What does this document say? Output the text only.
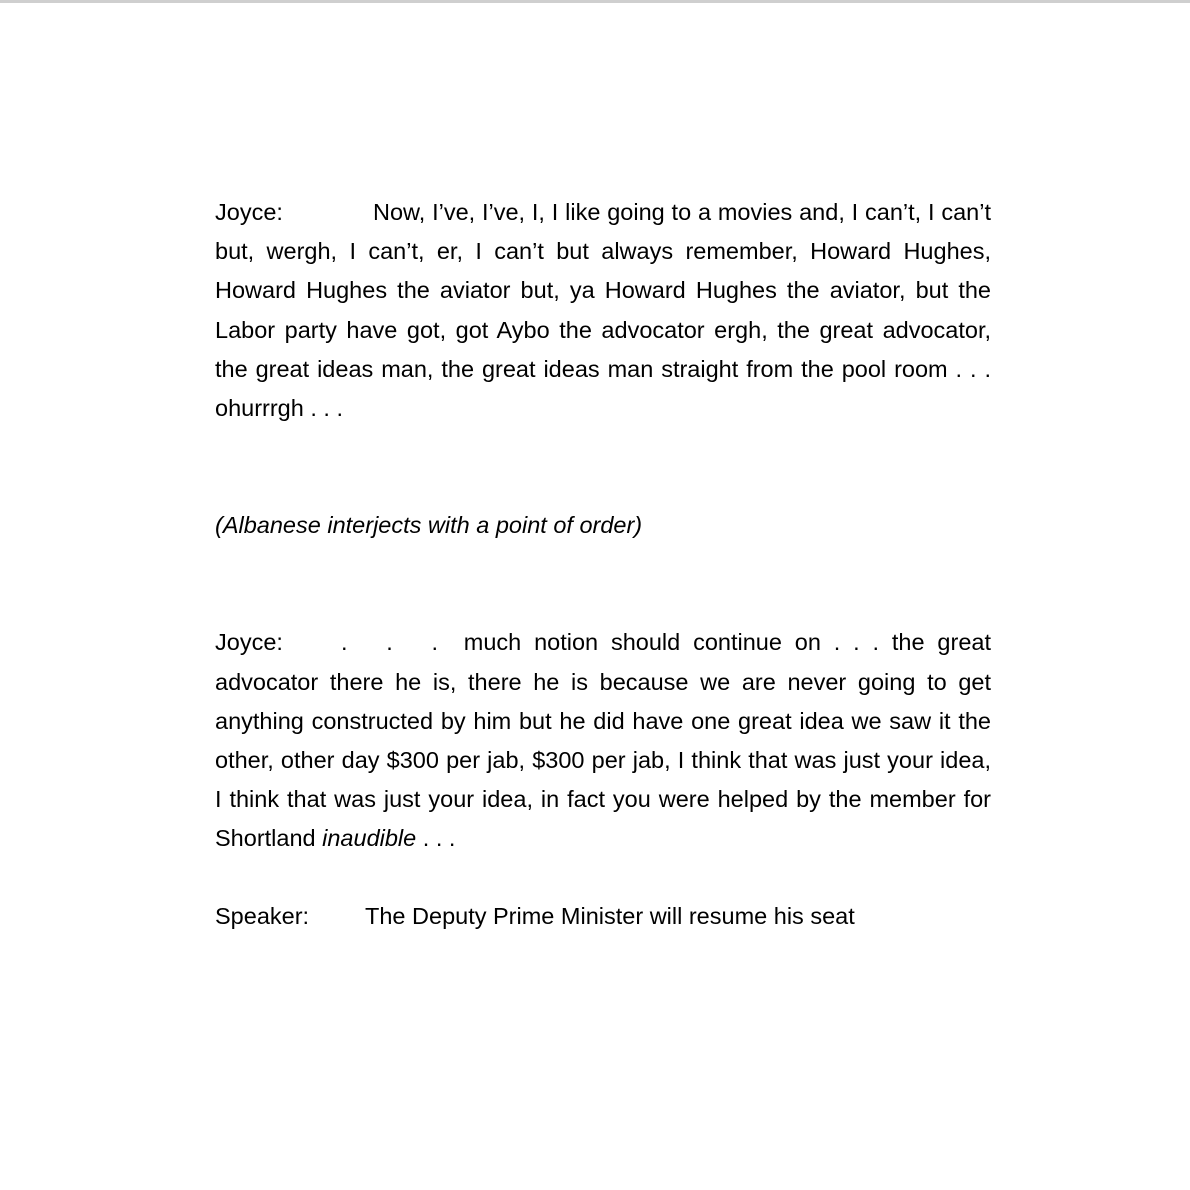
Joyce:	Now, I’ve, I’ve, I, I like going to a movies and, I can’t, I can’t but, wergh, I can’t, er, I can’t but always remember, Howard Hughes, Howard Hughes the aviator but, ya Howard Hughes the aviator, but the Labor party have got, got Aybo the advocator ergh, the great advocator, the great ideas man, the great ideas man straight from the pool room . . . ohurrrgh . . .

(Albanese interjects with a point of order)

Joyce: . . . much notion should continue on . . . the great advocator there he is, there he is because we are never going to get anything constructed by him but he did have one great idea we saw it the other, other day $300 per jab, $300 per jab, I think that was just your idea, I think that was just your idea, in fact you were helped by the member for Shortland inaudible . . .

Speaker: The Deputy Prime Minister will resume his seat
